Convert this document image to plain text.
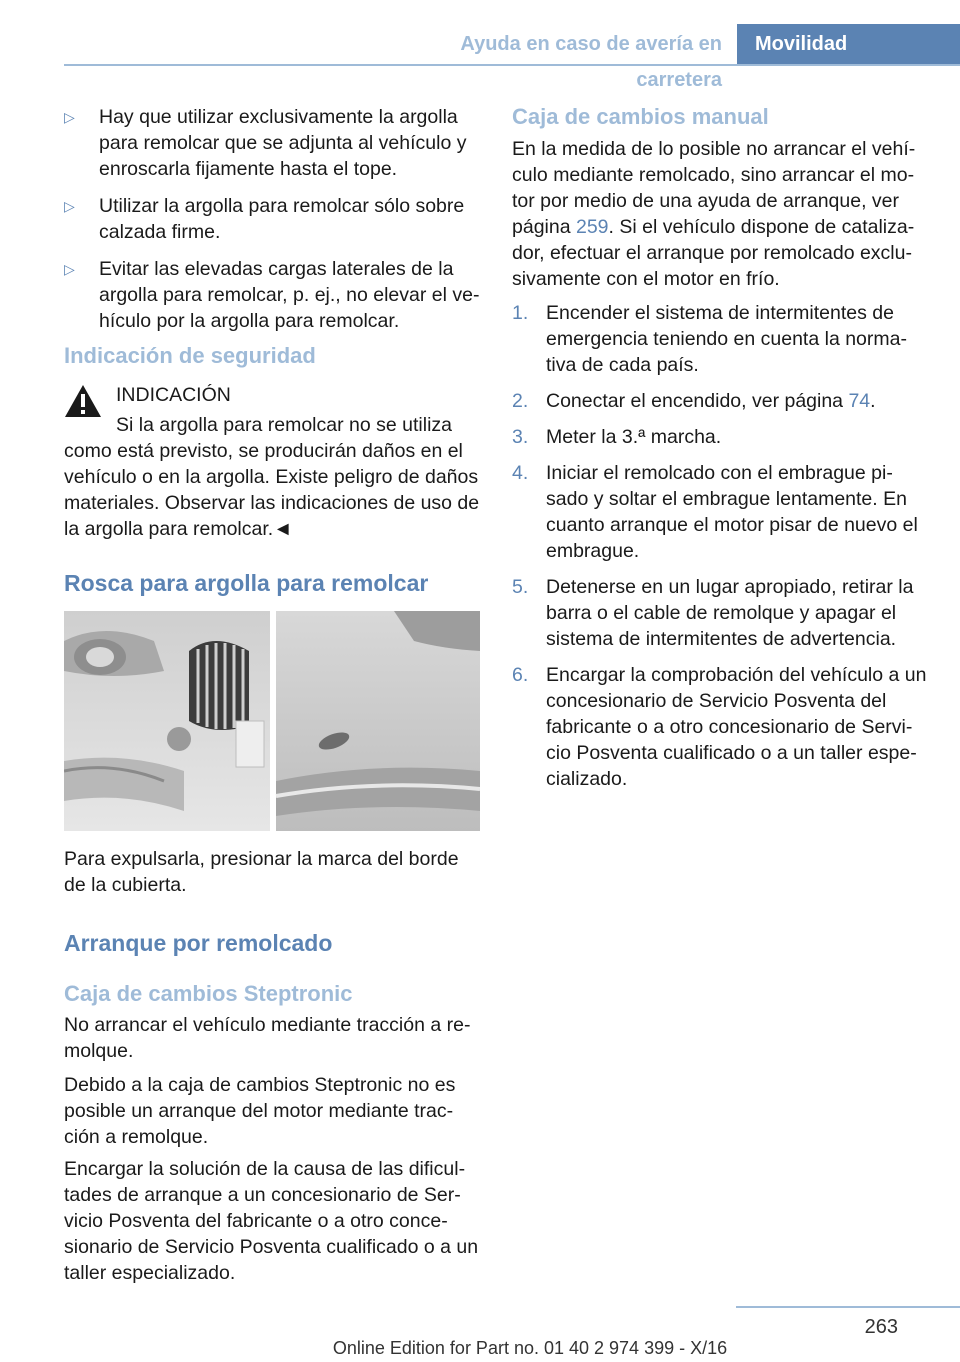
Ayuda en caso de avería en carretera
Movilidad
▷ Hay que utilizar exclusivamente la argolla para remolcar que se adjunta al vehículo y enroscarla fijamente hasta el tope.
▷ Utilizar la argolla para remolcar sólo sobre calzada firme.
▷ Evitar las elevadas cargas laterales de la argolla para remolcar, p. ej., no elevar el vehículo por la argolla para remolcar.
Indicación de seguridad

INDICACIÓN

Si la argolla para remolcar no se utiliza

como está previsto, se producirán daños en el vehículo o en la argolla. Existe peligro de daños materiales. Observar las indicaciones de uso de la argolla para remolcar.◄

Rosca para argolla para remolcar

Para expulsarla, presionar la marca del borde de la cubierta.

Arranque por remolcado
Caja de cambios Steptronic

No arrancar el vehículo mediante tracción a remolque.

Debido a la caja de cambios Steptronic no es posible un arranque del motor mediante tracción a remolque.

Encargar la solución de la causa de las dificultades de arranque a un concesionario de Servicio Posventa del fabricante o a otro concesionario de Servicio Posventa cualificado o a un taller especializado.

Caja de cambios manual

En la medida de lo posible no arrancar el vehículo mediante remolcado, sino arrancar el motor por medio de una ayuda de arranque, ver página 259. Si el vehículo dispone de catalizador, efectuar el arranque por remolcado exclusivamente con el motor en frío.

1. Encender el sistema de intermitentes de emergencia teniendo en cuenta la normativa de cada país.
2. Conectar el encendido, ver página 74.
3. Meter la 3.ª marcha.
4. Iniciar el remolcado con el embrague pisado y soltar el embrague lentamente. En cuanto arranque el motor pisar de nuevo el embrague.
5. Detenerse en un lugar apropiado, retirar la barra o el cable de remolque y apagar el sistema de intermitentes de advertencia.
6. Encargar la comprobación del vehículo a un concesionario de Servicio Posventa del fabricante o a otro concesionario de Servicio Posventa cualificado o a un taller especializado.
263
Online Edition for Part no. 01 40 2 974 399 - X/16
